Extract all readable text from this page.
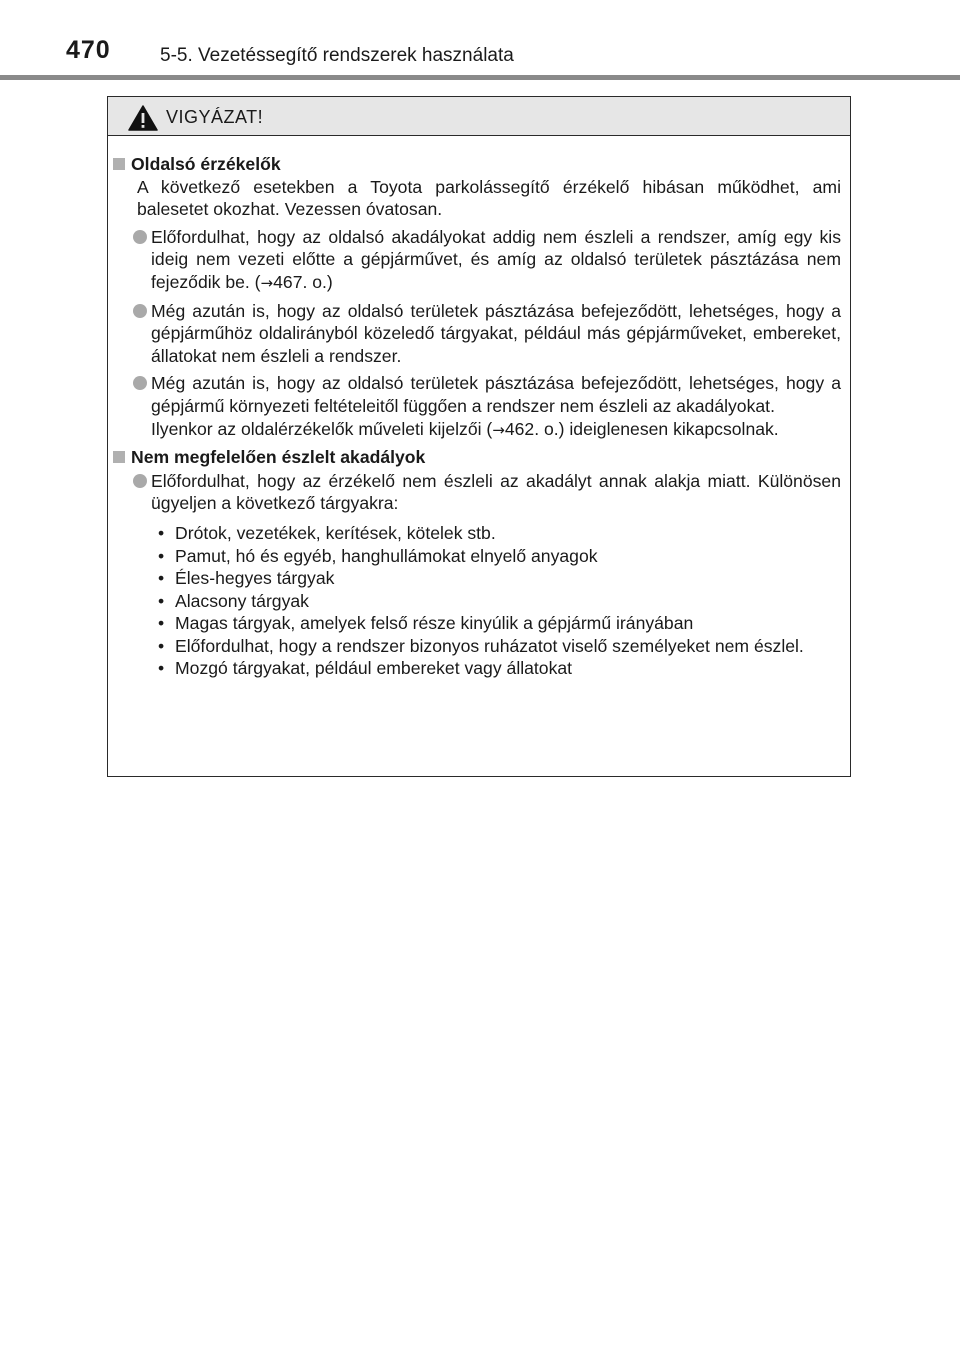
470	5-5. Vezetéssegítő rendszerek használata
VIGYÁZAT!
Oldalsó érzékelők
A következő esetekben a Toyota parkolássegítő érzékelő hibásan működhet, ami balesetet okozhat. Vezessen óvatosan.
Előfordulhat, hogy az oldalsó akadályokat addig nem észleli a rendszer, amíg egy kis ideig nem vezeti előtte a gépjárművet, és amíg az oldalsó területek pásztázása nem fejeződik be. (→467. o.)
Még azután is, hogy az oldalsó területek pásztázása befejeződött, lehetséges, hogy a gépjárműhöz oldalirányból közeledő tárgyakat, például más gépjárműveket, embereket, állatokat nem észleli a rendszer.
Még azután is, hogy az oldalsó területek pásztázása befejeződött, lehetséges, hogy a gépjármű környezeti feltételeitől függően a rendszer nem észleli az akadályokat.
Ilyenkor az oldalérzékelők műveleti kijelzői (→462. o.) ideiglenesen kikapcsolnak.
Nem megfelelően észlelt akadályok
Előfordulhat, hogy az érzékelő nem észleli az akadályt annak alakja miatt. Különösen ügyeljen a következő tárgyakra:
• Drótok, vezetékek, kerítések, kötelek stb.
• Pamut, hó és egyéb, hanghullámokat elnyelő anyagok
• Éles-hegyes tárgyak
• Alacsony tárgyak
• Magas tárgyak, amelyek felső része kinyúlik a gépjármű irányában
• Előfordulhat, hogy a rendszer bizonyos ruházatot viselő személyeket nem észlel.
• Mozgó tárgyakat, például embereket vagy állatokat
